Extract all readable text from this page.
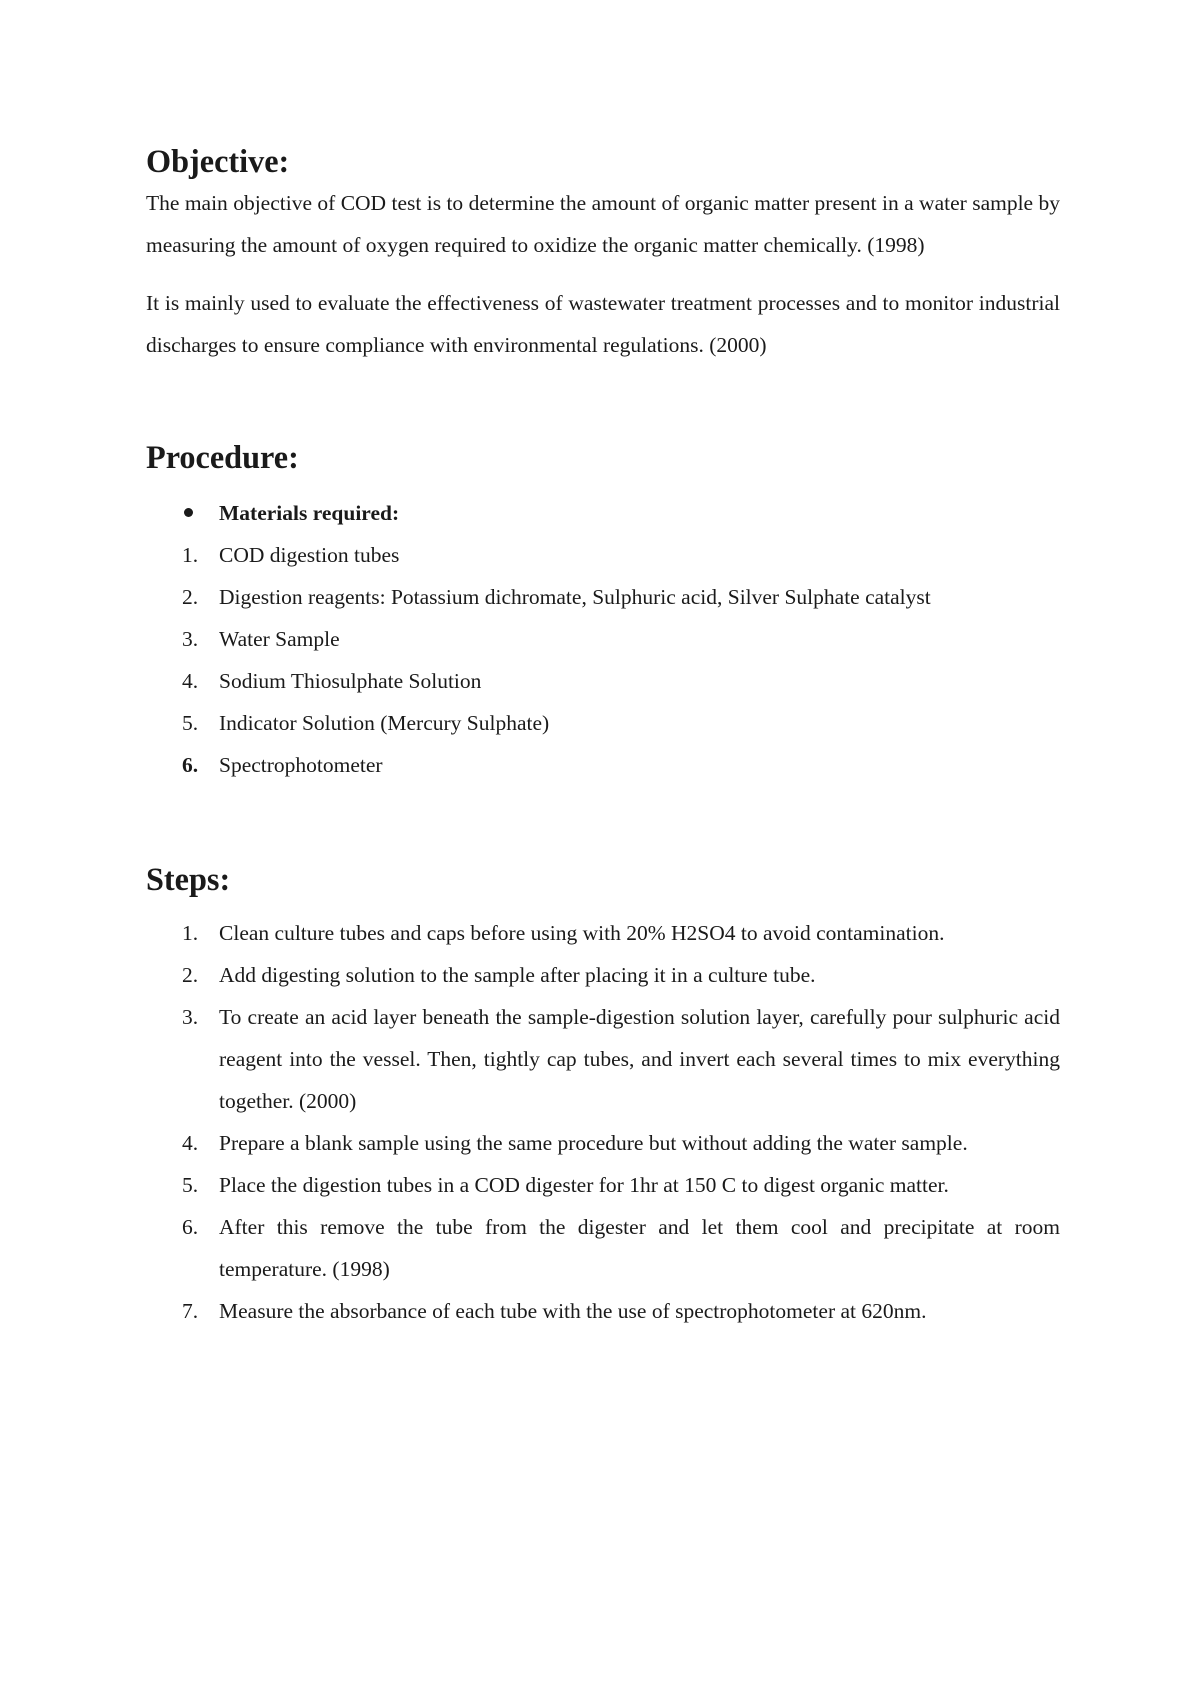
Objective:

The main objective of COD test is to determine the amount of organic matter present in a water sample by measuring the amount of oxygen required to oxidize the organic matter chemically. (1998)

It is mainly used to evaluate the effectiveness of wastewater treatment processes and to monitor industrial discharges to ensure compliance with environmental regulations. (2000)

Procedure:
Materials required:
1. COD digestion tubes
2. Digestion reagents: Potassium dichromate, Sulphuric acid, Silver Sulphate catalyst
3. Water Sample
4. Sodium Thiosulphate Solution
5. Indicator Solution (Mercury Sulphate)
6. Spectrophotometer
Steps:
1. Clean culture tubes and caps before using with 20% H2SO4 to avoid contamination.
2. Add digesting solution to the sample after placing it in a culture tube.
3. To create an acid layer beneath the sample-digestion solution layer, carefully pour sulphuric acid reagent into the vessel. Then, tightly cap tubes, and invert each several times to mix everything together. (2000)
4. Prepare a blank sample using the same procedure but without adding the water sample.
5. Place the digestion tubes in a COD digester for 1hr at 150 C to digest organic matter.
6. After this remove the tube from the digester and let them cool and precipitate at room temperature. (1998)
7. Measure the absorbance of each tube with the use of spectrophotometer at 620nm.
